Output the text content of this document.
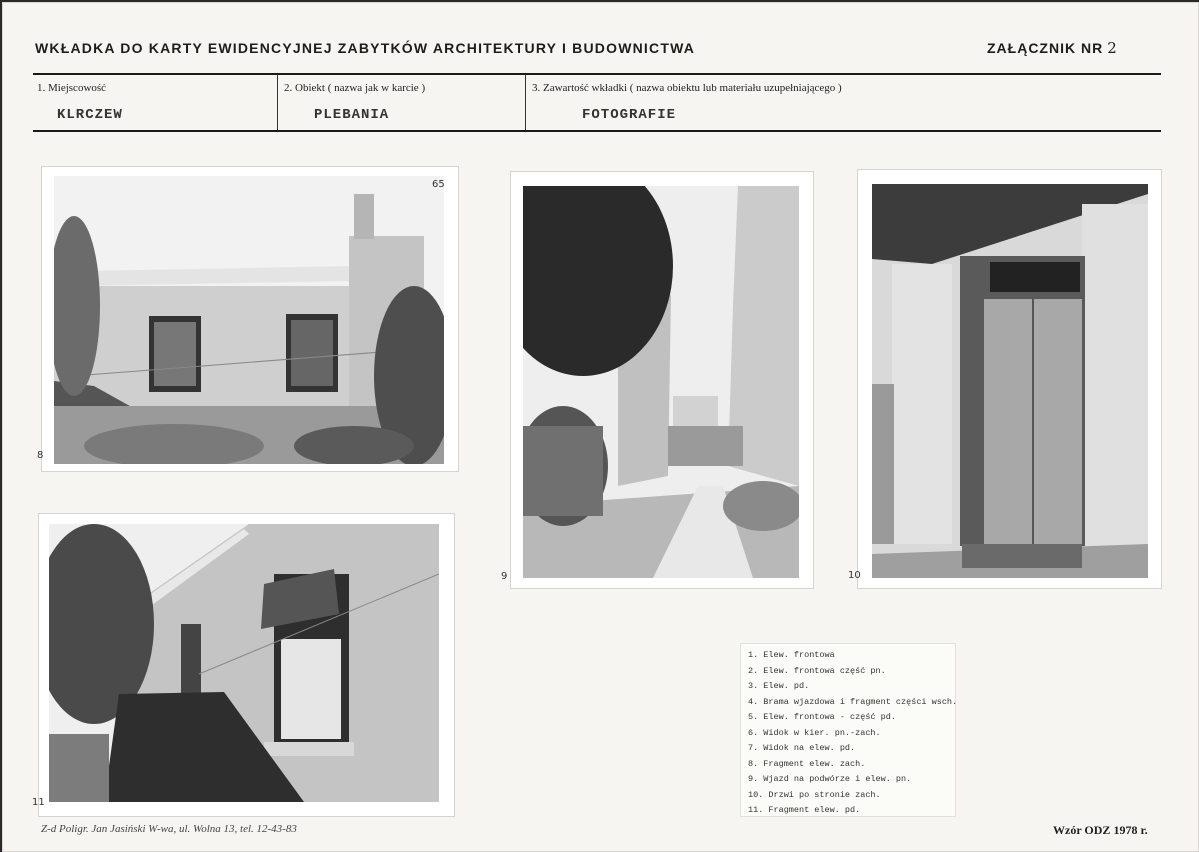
WKŁADKA DO KARTY EWIDENCYJNEJ ZABYTKÓW ARCHITEKTURY I BUDOWNICTWA	ZAŁĄCZNIK NR 2
1. Miejscowość
KLRCZEW
2. Obiekt ( nazwa jak w karcie )
PLEBANIA
3. Zawartość wkładki ( nazwa obiektu lub materiału uzupełniającego )
FOTOGRAFIE
8
65
9	10
11
1. Elew. frontowa
2. Elew. frontowa część pn.
3. Elew. pd.
4. Brama wjazdowa i fragment części wsch.
5. Elew. frontowa - część pd.
6. Widok w kier. pn.-zach.
7. Widok na elew. pd.
8. Fragment elew. zach.
9. Wjazd na podwórze i elew. pn.
10. Drzwi po stronie zach.
11. Fragment elew. pd.
Z-d Poligr. Jan Jasiński W-wa, ul. Wolna 13, tel. 12-43-83	Wzór ODZ 1978 r.
